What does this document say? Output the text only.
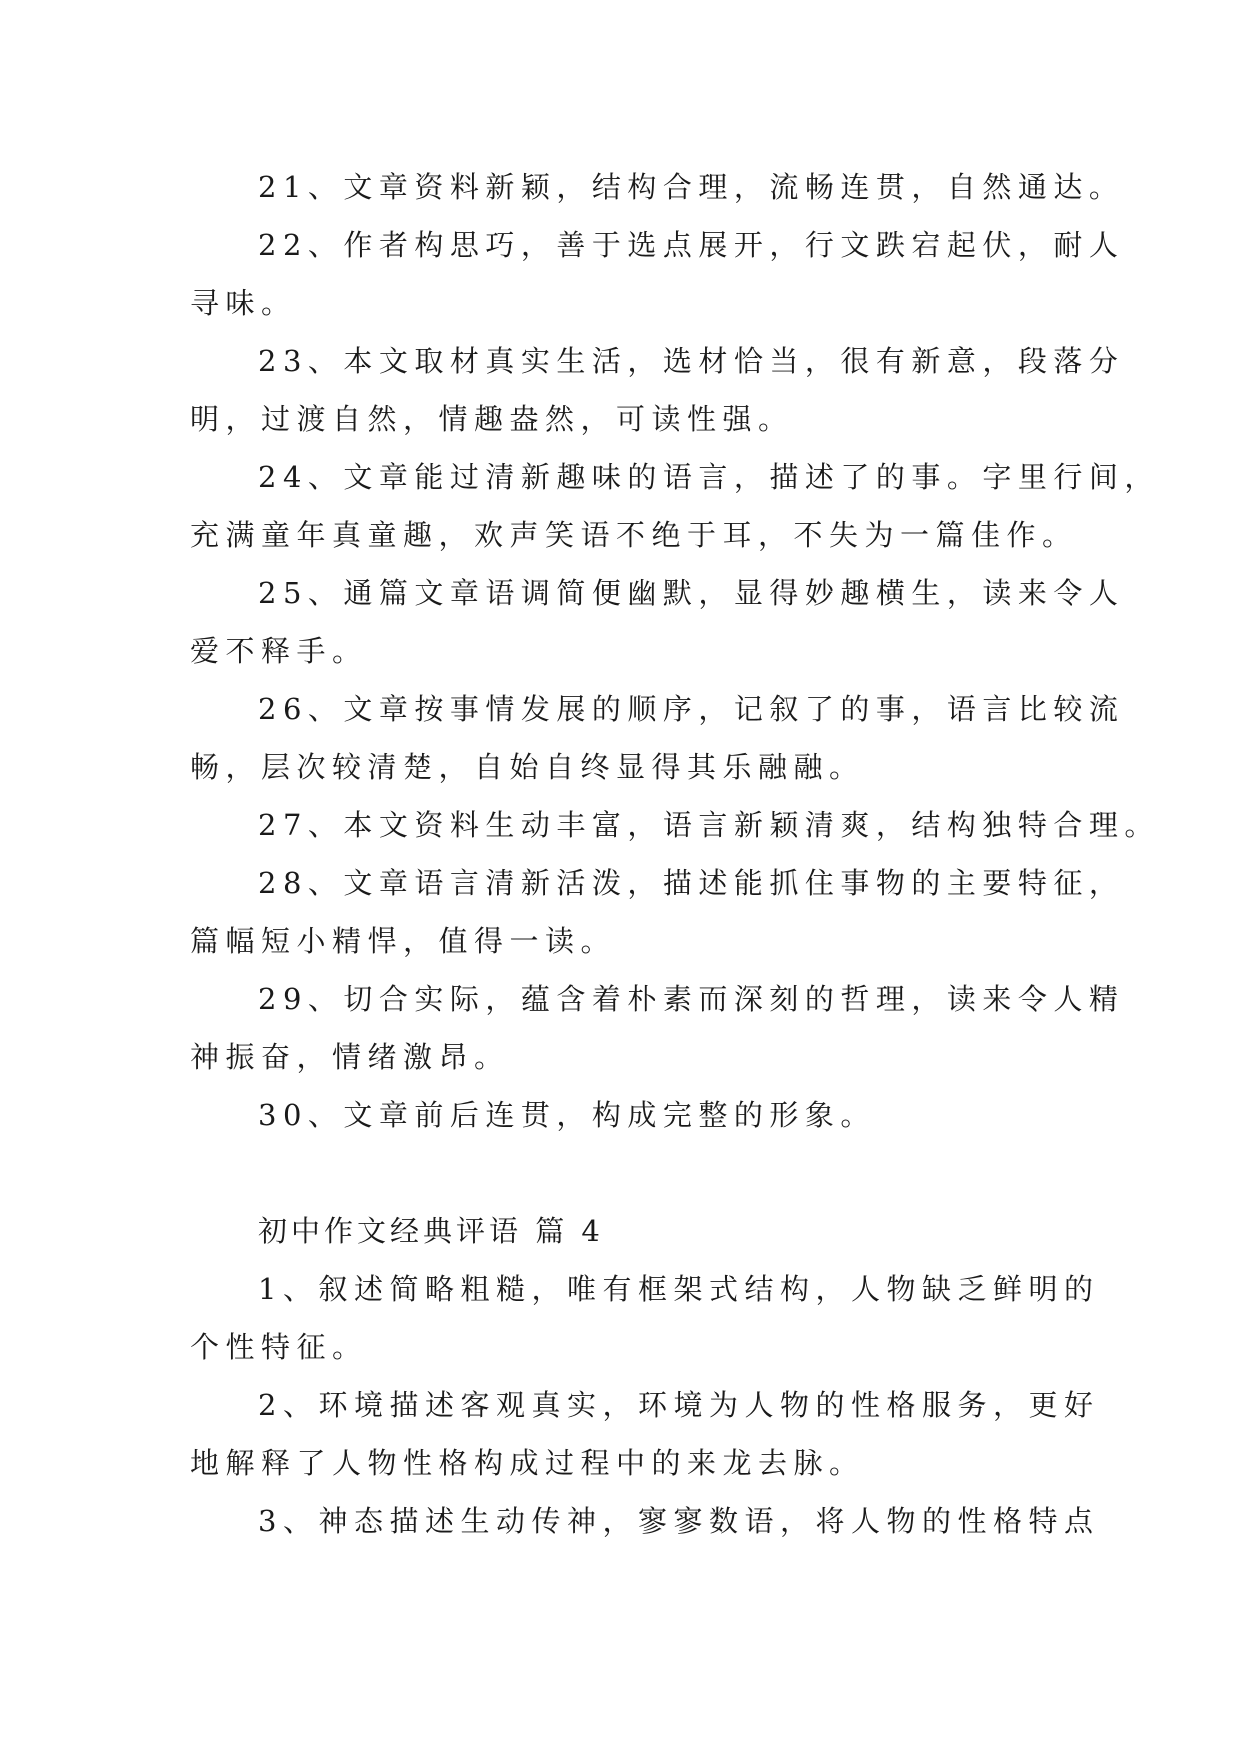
21、文章资料新颖，结构合理，流畅连贯，自然通达。

22、作者构思巧，善于选点展开，行文跌宕起伏，耐人

寻味。

23、本文取材真实生活，选材恰当，很有新意，段落分

明，过渡自然，情趣盎然，可读性强。

24、文章能过清新趣味的语言，描述了的事。字里行间，

充满童年真童趣，欢声笑语不绝于耳，不失为一篇佳作。

25、通篇文章语调简便幽默，显得妙趣横生，读来令人

爱不释手。

26、文章按事情发展的顺序，记叙了的事，语言比较流

畅，层次较清楚，自始自终显得其乐融融。

27、本文资料生动丰富，语言新颖清爽，结构独特合理。

28、文章语言清新活泼，描述能抓住事物的主要特征，

篇幅短小精悍，值得一读。

29、切合实际，蕴含着朴素而深刻的哲理，读来令人精

神振奋，情绪激昂。

30、文章前后连贯，构成完整的形象。

初中作文经典评语 篇 4

1、叙述简略粗糙，唯有框架式结构，人物缺乏鲜明的

个性特征。

2、环境描述客观真实，环境为人物的性格服务，更好

地解释了人物性格构成过程中的来龙去脉。

3、神态描述生动传神，寥寥数语，将人物的性格特点
